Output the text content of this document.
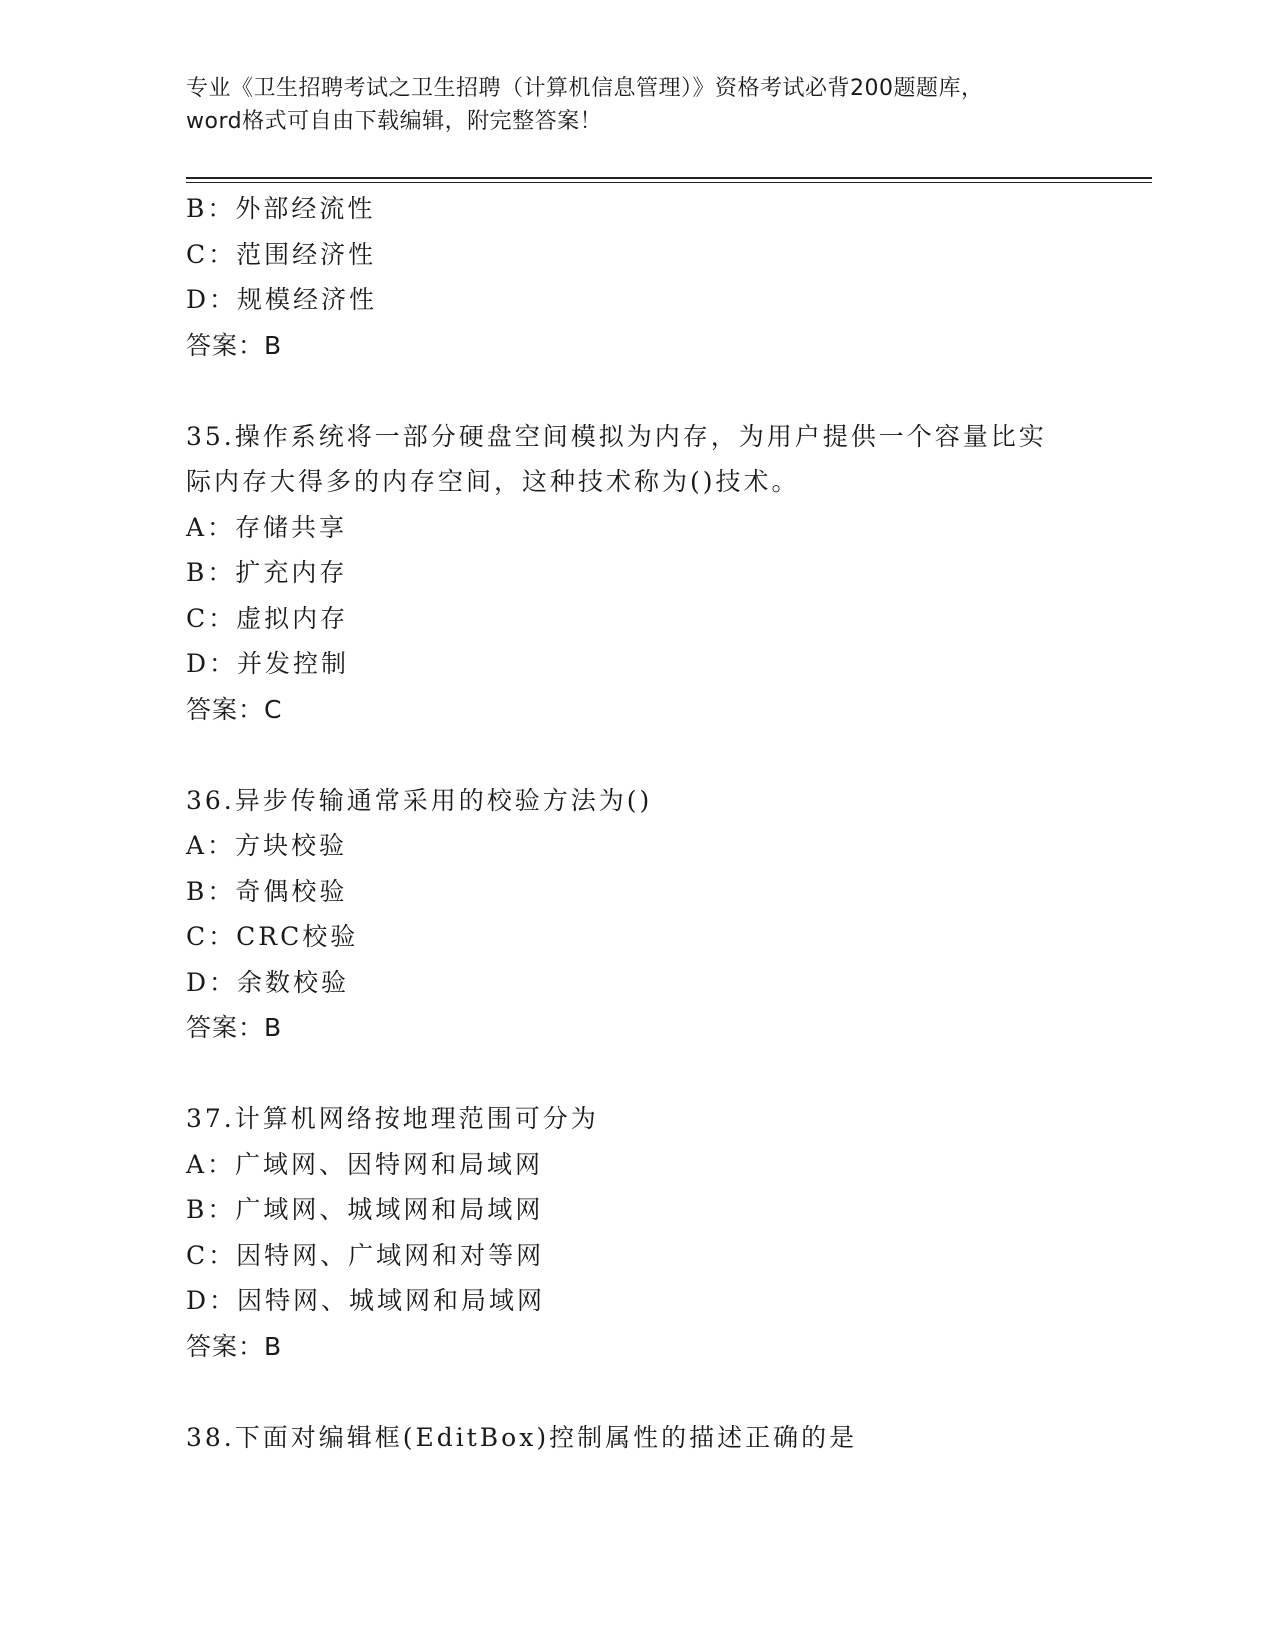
专业《卫生招聘考试之卫生招聘（计算机信息管理）》资格考试必背200题题库，
word格式可自由下载编辑，附完整答案！
B：外部经流性
C：范围经济性
D：规模经济性
答案：B
35.操作系统将一部分硬盘空间模拟为内存，为用户提供一个容量比实
际内存大得多的内存空间，这种技术称为()技术。
A：存储共享
B：扩充内存
C：虚拟内存
D：并发控制
答案：C
36.异步传输通常采用的校验方法为()
A：方块校验
B：奇偶校验
C：CRC校验
D：余数校验
答案：B
37.计算机网络按地理范围可分为
A：广域网、因特网和局域网
B：广域网、城域网和局域网
C：因特网、广域网和对等网
D：因特网、城域网和局域网
答案：B
38.下面对编辑框(EditBox)控制属性的描述正确的是
